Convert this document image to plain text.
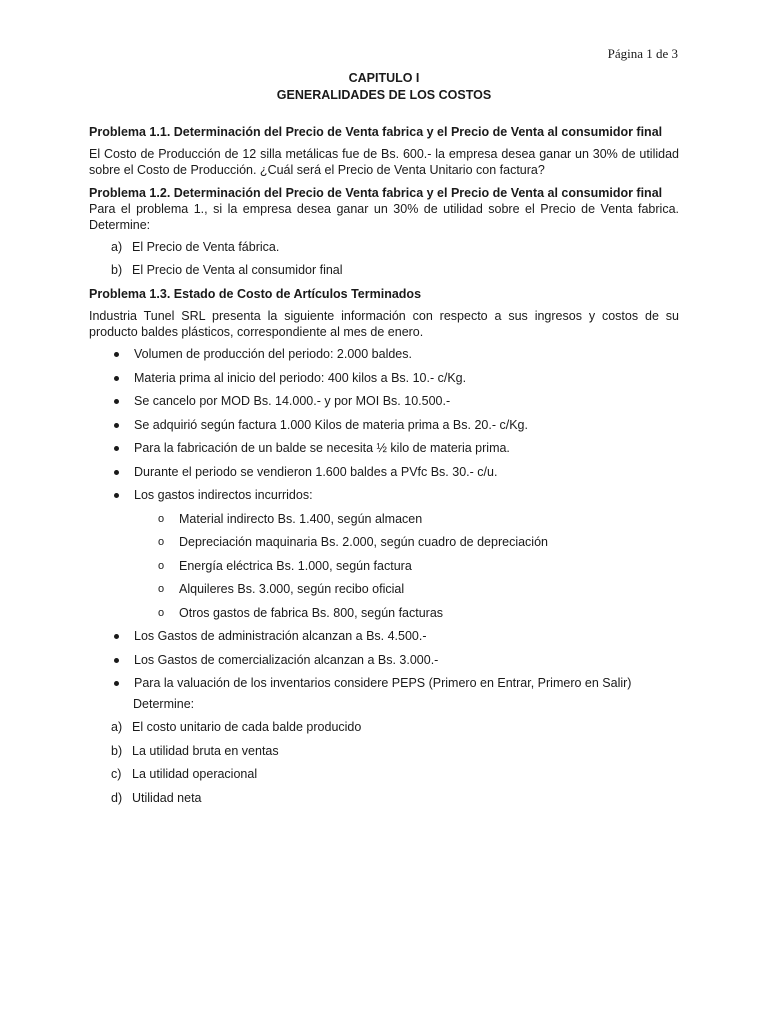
Página 1 de 3

CAPITULO I

GENERALIDADES DE LOS COSTOS

Problema 1.1. Determinación del Precio de Venta fabrica y el Precio de Venta al consumidor final

El Costo de Producción de 12 silla metálicas fue de Bs. 600.- la empresa desea ganar un 30% de utilidad sobre el Costo de Producción. ¿Cuál será el Precio de Venta Unitario con factura?

Problema 1.2. Determinación del Precio de Venta fabrica y el Precio de Venta al consumidor final

Para el problema 1., si la empresa desea ganar un 30% de utilidad sobre el Precio de Venta fabrica. Determine:

a) El Precio de Venta fábrica.
b) El Precio de Venta al consumidor final

Problema 1.3. Estado de Costo de Artículos Terminados

Industria Tunel SRL presenta la siguiente información con respecto a sus ingresos y costos de su producto baldes plásticos, correspondiente al mes de enero.

Volumen de producción del periodo: 2.000 baldes.
Materia prima al inicio del periodo: 400 kilos a Bs. 10.- c/Kg.
Se cancelo por MOD Bs. 14.000.- y por MOI Bs. 10.500.-
Se adquirió según factura 1.000 Kilos de materia prima a Bs. 20.- c/Kg.
Para la fabricación de un balde se necesita ½ kilo de materia prima.
Durante el periodo se vendieron 1.600 baldes a PVfc Bs. 30.- c/u.
Los gastos indirectos incurridos:
o	Material indirecto Bs. 1.400, según almacen
o	Depreciación maquinaria Bs. 2.000, según cuadro de depreciación
o	Energía eléctrica Bs. 1.000, según factura
o	Alquileres Bs. 3.000, según recibo oficial
o	Otros gastos de fabrica Bs. 800, según facturas
Los Gastos de administración alcanzan a Bs. 4.500.-
Los Gastos de comercialización alcanzan a Bs. 3.000.-
Para la valuación de los inventarios considere PEPS (Primero en Entrar, Primero en Salir)

Determine:

a) El costo unitario de cada balde producido
b) La utilidad bruta en ventas
c) La utilidad operacional
d) Utilidad neta
